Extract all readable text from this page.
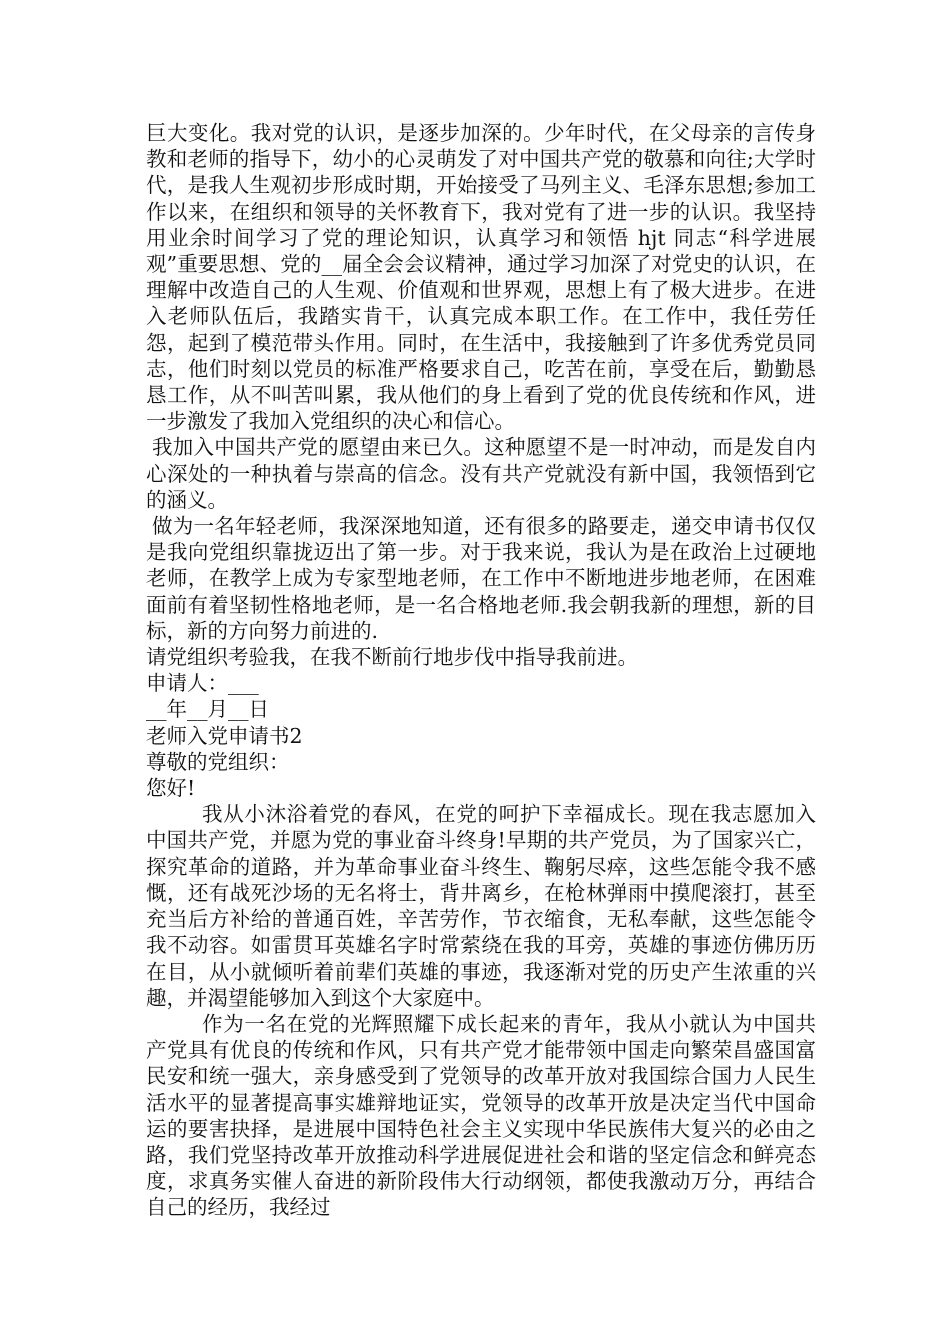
巨大变化。我对党的认识，是逐步加深的。少年时代，在父母亲的言传身教和老师的指导下，幼小的心灵萌发了对中国共产党的敬慕和向往;大学时代，是我人生观初步形成时期，开始接受了马列主义、毛泽东思想;参加工作以来，在组织和领导的关怀教育下，我对党有了进一步的认识。我坚持用业余时间学习了党的理论知识，认真学习和领悟 hjt 同志“科学进展观”重要思想、党的__届全会会议精神，通过学习加深了对党史的认识，在理解中改造自己的人生观、价值观和世界观，思想上有了极大进步。在进入老师队伍后，我踏实肯干，认真完成本职工作。在工作中，我任劳任怨，起到了模范带头作用。同时，在生活中，我接触到了许多优秀党员同志，他们时刻以党员的标准严格要求自己，吃苦在前，享受在后，勤勤恳恳工作，从不叫苦叫累，我从他们的身上看到了党的优良传统和作风，进一步激发了我加入党组织的决心和信心。

我加入中国共产党的愿望由来已久。这种愿望不是一时冲动，而是发自内心深处的一种执着与崇高的信念。没有共产党就没有新中国，我领悟到它的涵义。

做为一名年轻老师，我深深地知道，还有很多的路要走，递交申请书仅仅是我向党组织靠拢迈出了第一步。对于我来说，我认为是在政治上过硬地老师，在教学上成为专家型地老师，在工作中不断地进步地老师，在困难面前有着坚韧性格地老师，是一名合格地老师.我会朝我新的理想，新的目标，新的方向努力前进的.

请党组织考验我，在我不断前行地步伐中指导我前进。

申请人：___

__年__月__日

老师入党申请书2

尊敬的党组织：

您好!

我从小沐浴着党的春风，在党的呵护下幸福成长。现在我志愿加入中国共产党，并愿为党的事业奋斗终身!早期的共产党员，为了国家兴亡，探究革命的道路，并为革命事业奋斗终生、鞠躬尽瘁，这些怎能令我不感慨，还有战死沙场的无名将士，背井离乡，在枪林弹雨中摸爬滚打，甚至充当后方补给的普通百姓，辛苦劳作，节衣缩食，无私奉献，这些怎能令我不动容。如雷贯耳英雄名字时常萦绕在我的耳旁，英雄的事迹仿佛历历在目，从小就倾听着前辈们英雄的事迹，我逐渐对党的历史产生浓重的兴趣，并渴望能够加入到这个大家庭中。

作为一名在党的光辉照耀下成长起来的青年，我从小就认为中国共产党具有优良的传统和作风，只有共产党才能带领中国走向繁荣昌盛国富民安和统一强大，亲身感受到了党领导的改革开放对我国综合国力人民生活水平的显著提高事实雄辩地证实，党领导的改革开放是决定当代中国命运的要害抉择，是进展中国特色社会主义实现中华民族伟大复兴的必由之路，我们党坚持改革开放推动科学进展促进社会和谐的坚定信念和鲜亮态度，求真务实催人奋进的新阶段伟大行动纲领，都使我激动万分，再结合自己的经历，我经过
